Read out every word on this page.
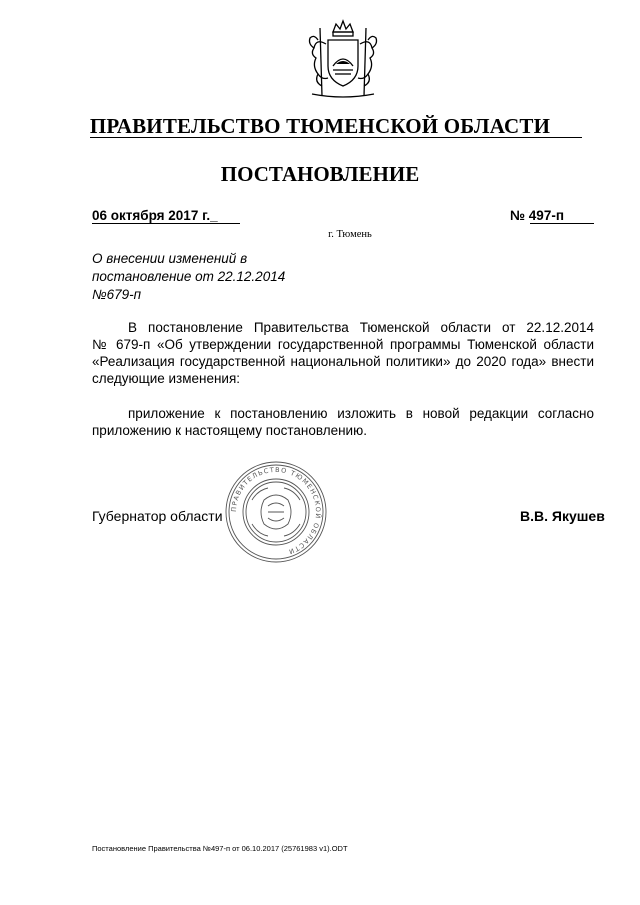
ПРАВИТЕЛЬСТВО ТЮМЕНСКОЙ ОБЛАСТИ
ПОСТАНОВЛЕНИЕ
06 октября 2017 г._	№ 497-п
г. Тюмень
О внесении изменений в
постановление от 22.12.2014
№679-п
В постановление Правительства Тюменской области от 22.12.2014
№ 679-п «Об утверждении государственной программы Тюменской области
«Реализация государственной национальной политики» до 2020 года» внести
следующие изменения:
приложение к постановлению изложить в новой редакции согласно
приложению к настоящему постановлению.
ПРАВИТЕЛЬСТВО ТЮМЕНСКОЙ ОБЛАСТИ
Губернатор области	В.В. Якушев
Постановление Правительства №497-п от 06.10.2017 (25761983 v1).ODT
